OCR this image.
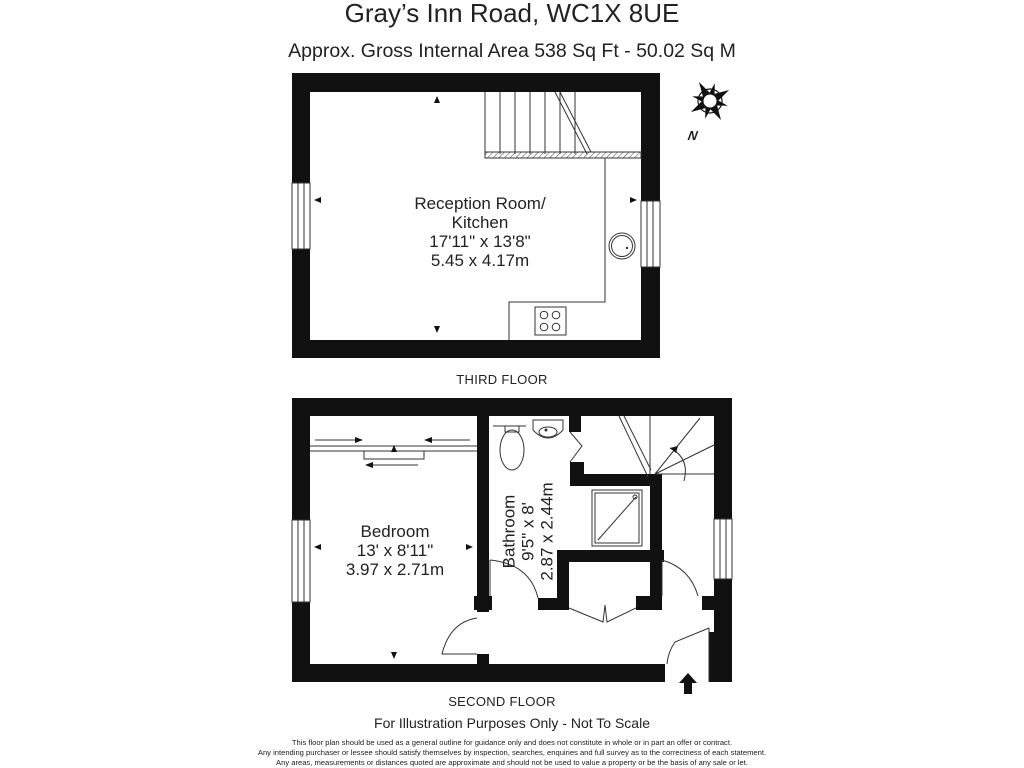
Gray’s Inn Road, WC1X 8UE
Approx. Gross Internal Area 538 Sq Ft - 50.02 Sq M
Reception Room/
Kitchen
17'11" x 13'8"
5.45 x 4.17m
THIRD FLOOR
Bedroom
13' x 8'11"
3.97 x 2.71m
Bathroom 9'5" x 8' 2.87 x 2.44m
SECOND FLOOR
N
For Illustration Purposes Only - Not To Scale
This floor plan should be used as a general outline for guidance only and does not constitute in whole or in part an offer or contract.
Any intending purchaser or lessee should satisfy themselves by inspection, searches, enquiries and full survey as to the correctness of each statement.
Any areas, measurements or distances quoted are approximate and should not be used to value a property or be the basis of any sale or let.
